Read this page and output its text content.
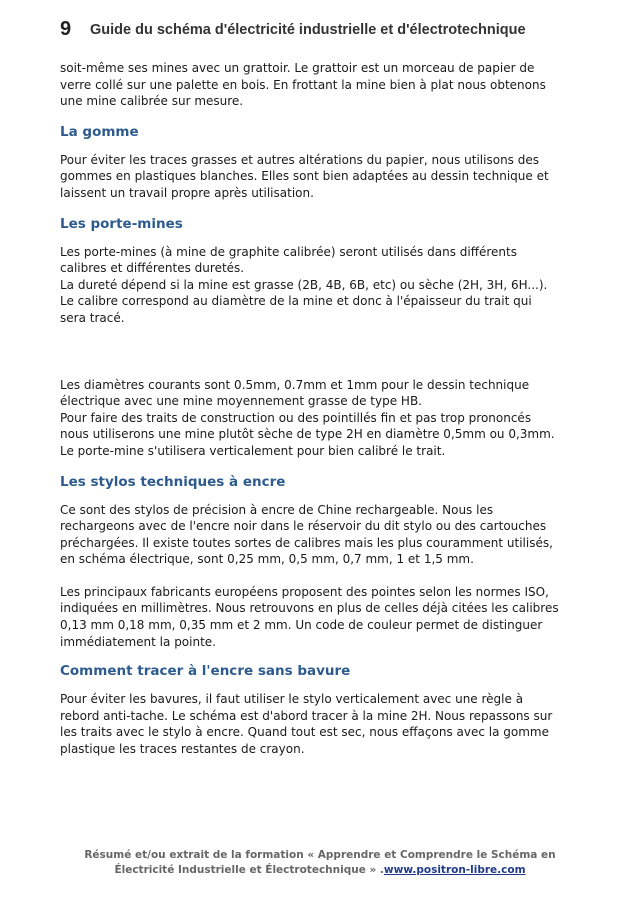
9 Guide du schéma d'électricité industrielle et d'électrotechnique

soit-même ses mines avec un grattoir. Le grattoir est un morceau de papier de verre collé sur une palette en bois. En frottant la mine bien à plat nous obtenons une mine calibrée sur mesure.

La gomme

Pour éviter les traces grasses et autres altérations du papier, nous utilisons des gommes en plastiques blanches. Elles sont bien adaptées au dessin technique et laissent un travail propre après utilisation.

Les porte-mines

Les porte-mines (à mine de graphite calibrée) seront utilisés dans différents calibres et différentes duretés.

La dureté dépend si la mine est grasse (2B, 4B, 6B, etc) ou sèche (2H, 3H, 6H...).

Le calibre correspond au diamètre de la mine et donc à l'épaisseur du trait qui sera tracé.

Les diamètres courants sont 0.5mm, 0.7mm et 1mm pour le dessin technique électrique avec une mine moyennement grasse de type HB.

Pour faire des traits de construction ou des pointillés fin et pas trop prononcés nous utiliserons une mine plutôt sèche de type 2H en diamètre 0,5mm ou 0,3mm.

Le porte-mine s'utilisera verticalement pour bien calibré le trait.

Les stylos techniques à encre

Ce sont des stylos de précision à encre de Chine rechargeable. Nous les rechargeons avec de l'encre noir dans le réservoir du dit stylo ou des cartouches préchargées. Il existe toutes sortes de calibres mais les plus couramment utilisés, en schéma électrique, sont 0,25 mm, 0,5 mm, 0,7 mm, 1 et 1,5 mm.

Les principaux fabricants européens proposent des pointes selon les normes ISO, indiquées en millimètres. Nous retrouvons en plus de celles déjà citées les calibres 0,13 mm 0,18 mm, 0,35 mm et 2 mm. Un code de couleur permet de distinguer immédiatement la pointe.

Comment tracer à l'encre sans bavure

Pour éviter les bavures, il faut utiliser le stylo verticalement avec une règle à rebord anti-tache. Le schéma est d'abord tracer à la mine 2H. Nous repassons sur les traits avec le stylo à encre. Quand tout est sec, nous effaçons avec la gomme plastique les traces restantes de crayon.

Résumé et/ou extrait de la formation « Apprendre et Comprendre le Schéma en
Électricité Industrielle et Électrotechnique » .www.positron-libre.com
